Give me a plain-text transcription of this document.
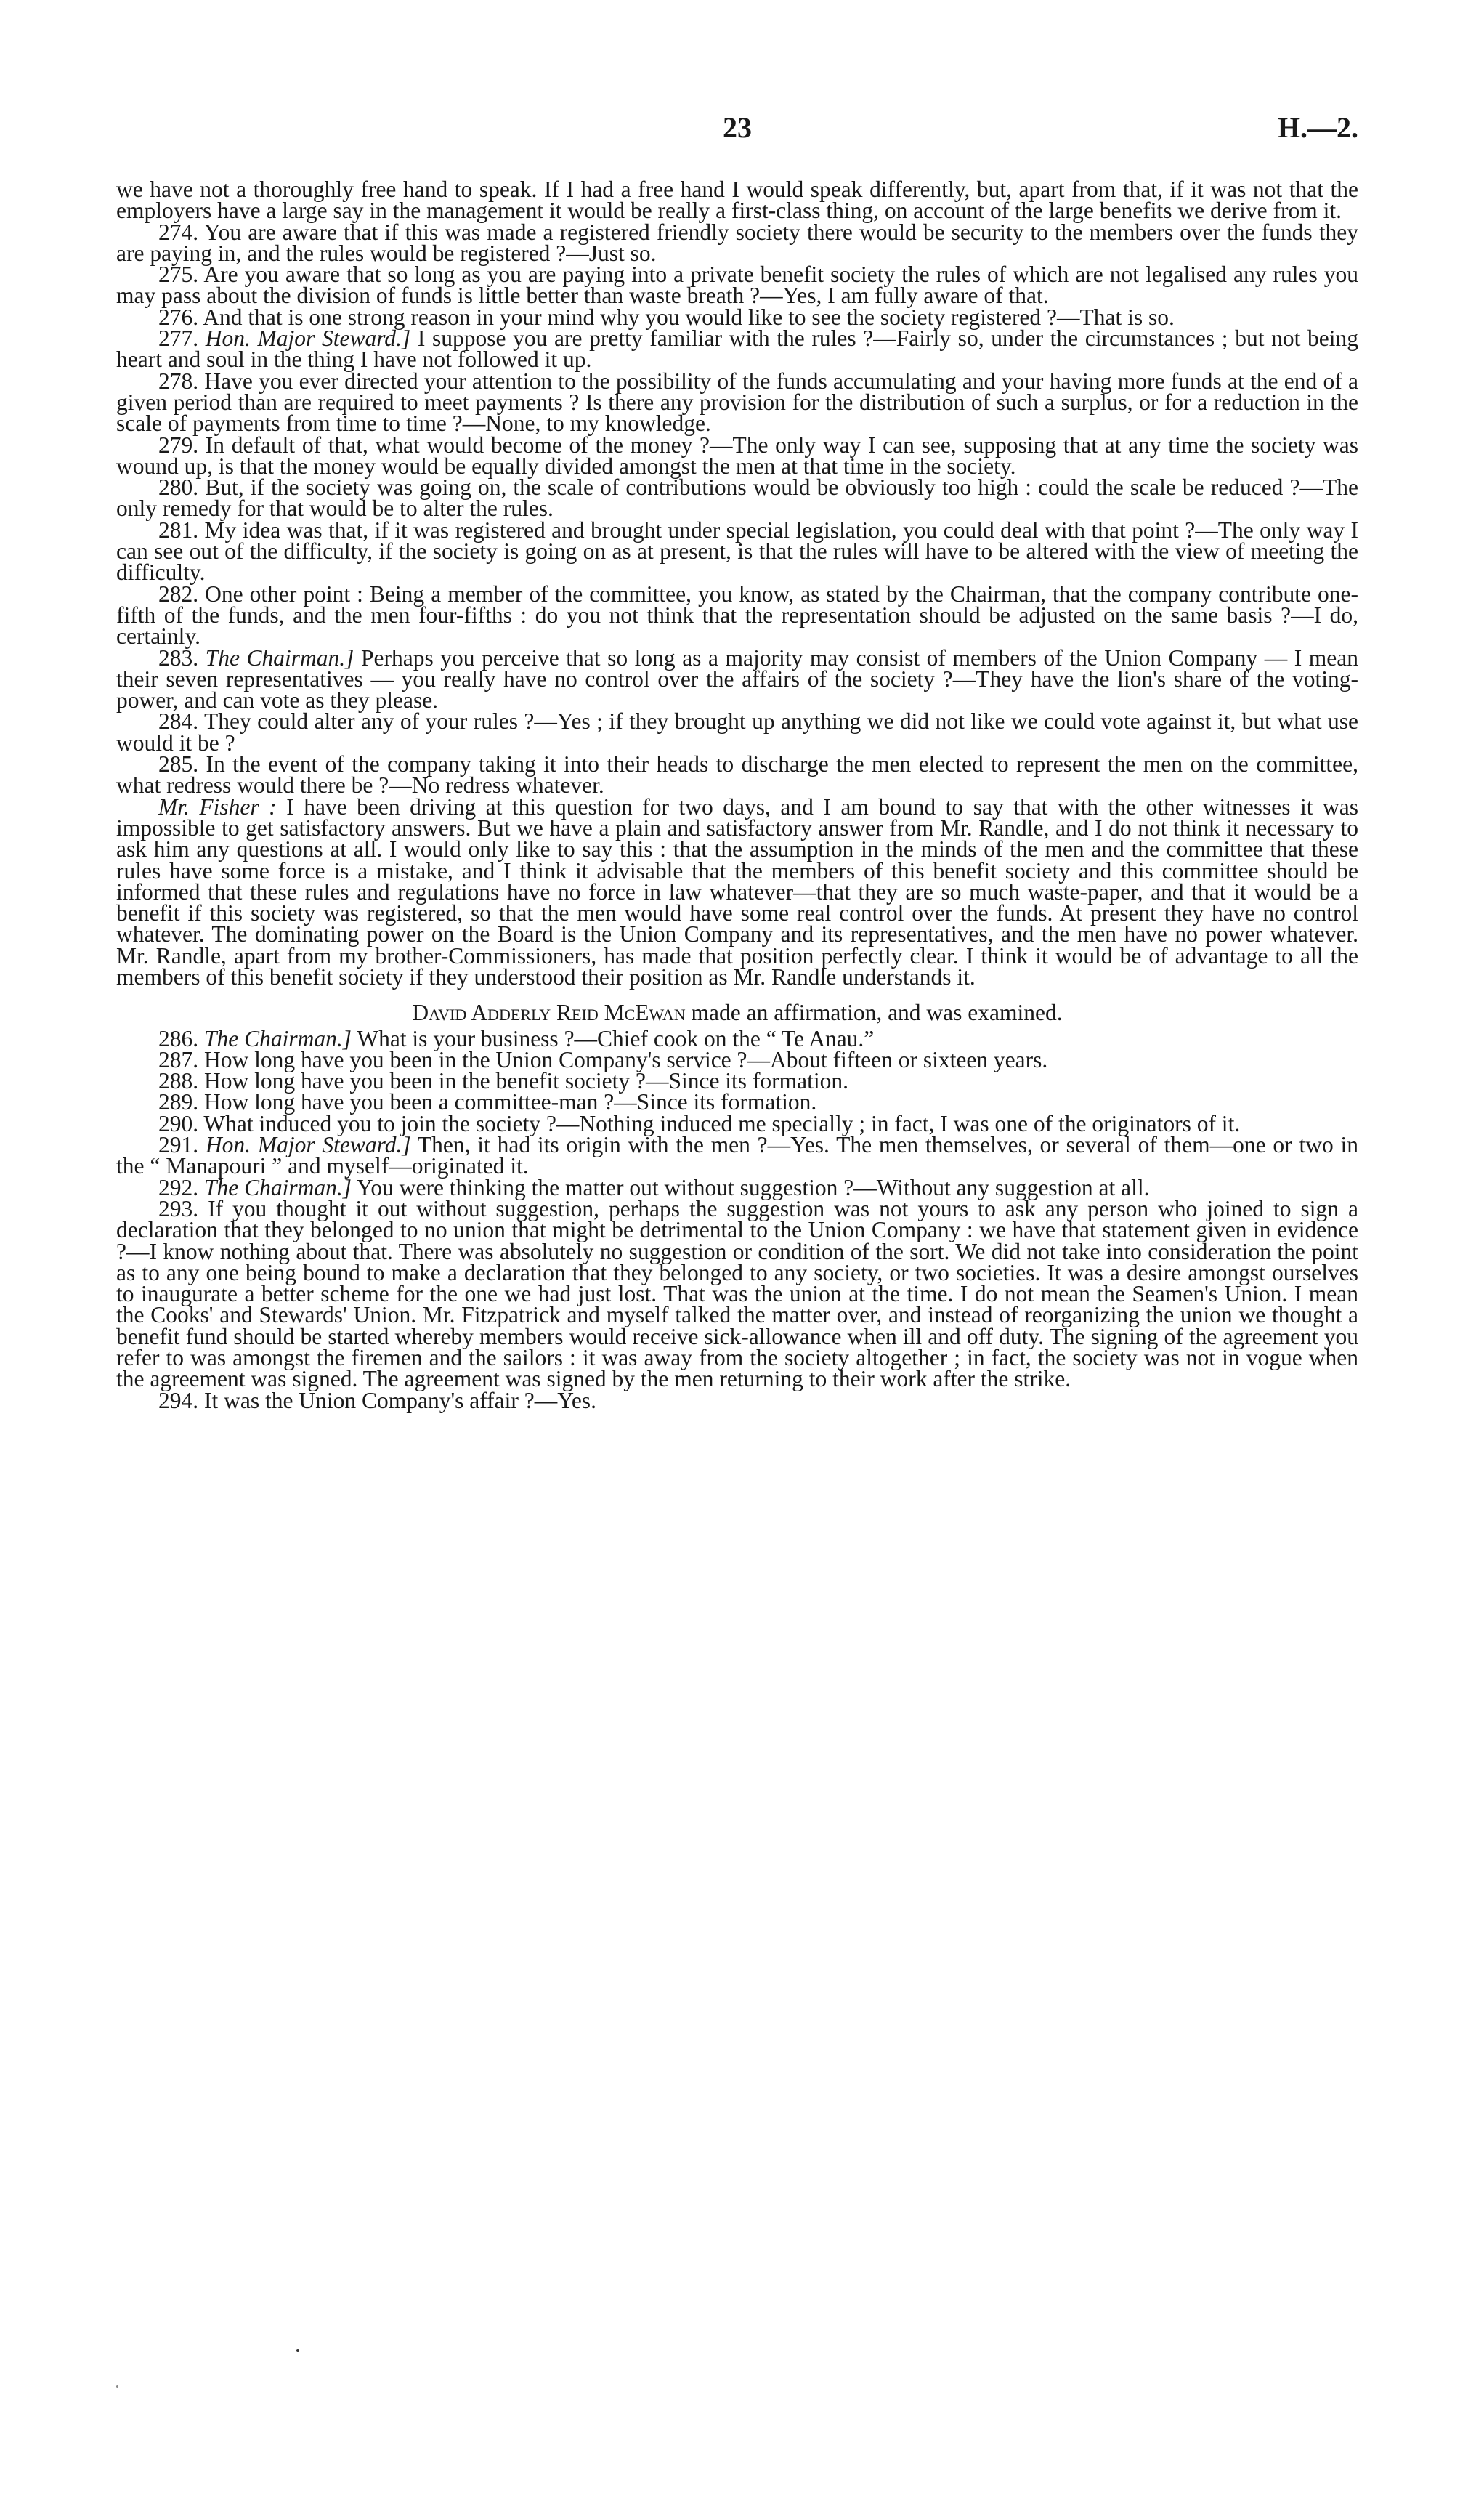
23	H.—2.

we have not a thoroughly free hand to speak. If I had a free hand I would speak differently, but, apart from that, if it was not that the employers have a large say in the management it would be really a first-class thing, on account of the large benefits we derive from it.

274. You are aware that if this was made a registered friendly society there would be security to the members over the funds they are paying in, and the rules would be registered ?—Just so.

275. Are you aware that so long as you are paying into a private benefit society the rules of which are not legalised any rules you may pass about the division of funds is little better than waste breath ?—Yes, I am fully aware of that.

276. And that is one strong reason in your mind why you would like to see the society registered ?—That is so.

277. Hon. Major Steward.] I suppose you are pretty familiar with the rules ?—Fairly so, under the circumstances ; but not being heart and soul in the thing I have not followed it up.

278. Have you ever directed your attention to the possibility of the funds accumulating and your having more funds at the end of a given period than are required to meet payments ? Is there any provision for the distribution of such a surplus, or for a reduction in the scale of payments from time to time ?—None, to my knowledge.

279. In default of that, what would become of the money ?—The only way I can see, supposing that at any time the society was wound up, is that the money would be equally divided amongst the men at that time in the society.

280. But, if the society was going on, the scale of contributions would be obviously too high : could the scale be reduced ?—The only remedy for that would be to alter the rules.

281. My idea was that, if it was registered and brought under special legislation, you could deal with that point ?—The only way I can see out of the difficulty, if the society is going on as at present, is that the rules will have to be altered with the view of meeting the difficulty.

282. One other point : Being a member of the committee, you know, as stated by the Chairman, that the company contribute one-fifth of the funds, and the men four-fifths : do you not think that the representation should be adjusted on the same basis ?—I do, certainly.

283. The Chairman.] Perhaps you perceive that so long as a majority may consist of members of the Union Company — I mean their seven representatives — you really have no control over the affairs of the society ?—They have the lion's share of the voting-power, and can vote as they please.

284. They could alter any of your rules ?—Yes ; if they brought up anything we did not like we could vote against it, but what use would it be ?

285. In the event of the company taking it into their heads to discharge the men elected to represent the men on the committee, what redress would there be ?—No redress whatever.

Mr. Fisher : I have been driving at this question for two days, and I am bound to say that with the other witnesses it was impossible to get satisfactory answers. But we have a plain and satisfactory answer from Mr. Randle, and I do not think it necessary to ask him any questions at all. I would only like to say this : that the assumption in the minds of the men and the committee that these rules have some force is a mistake, and I think it advisable that the members of this benefit society and this committee should be informed that these rules and regulations have no force in law whatever—that they are so much waste-paper, and that it would be a benefit if this society was registered, so that the men would have some real control over the funds. At present they have no control whatever. The dominating power on the Board is the Union Company and its representatives, and the men have no power whatever. Mr. Randle, apart from my brother-Commissioners, has made that position perfectly clear. I think it would be of advantage to all the members of this benefit society if they understood their position as Mr. Randle understands it.

David Adderly Reid McEwan made an affirmation, and was examined.

286. The Chairman.] What is your business ?—Chief cook on the “ Te Anau.”

287. How long have you been in the Union Company's service ?—About fifteen or sixteen years.

288. How long have you been in the benefit society ?—Since its formation.

289. How long have you been a committee-man ?—Since its formation.

290. What induced you to join the society ?—Nothing induced me specially ; in fact, I was one of the originators of it.

291. Hon. Major Steward.] Then, it had its origin with the men ?—Yes. The men themselves, or several of them—one or two in the “ Manapouri ” and myself—originated it.

292. The Chairman.] You were thinking the matter out without suggestion ?—Without any suggestion at all.

293. If you thought it out without suggestion, perhaps the suggestion was not yours to ask any person who joined to sign a declaration that they belonged to no union that might be detrimental to the Union Company : we have that statement given in evidence ?—I know nothing about that. There was absolutely no suggestion or condition of the sort. We did not take into consideration the point as to any one being bound to make a declaration that they belonged to any society, or two societies. It was a desire amongst ourselves to inaugurate a better scheme for the one we had just lost. That was the union at the time. I do not mean the Seamen's Union. I mean the Cooks' and Stewards' Union. Mr. Fitzpatrick and myself talked the matter over, and instead of reorganizing the union we thought a benefit fund should be started whereby members would receive sick-allowance when ill and off duty. The signing of the agreement you refer to was amongst the firemen and the sailors : it was away from the society altogether ; in fact, the society was not in vogue when the agreement was signed. The agreement was signed by the men returning to their work after the strike.

294. It was the Union Company's affair ?—Yes.
